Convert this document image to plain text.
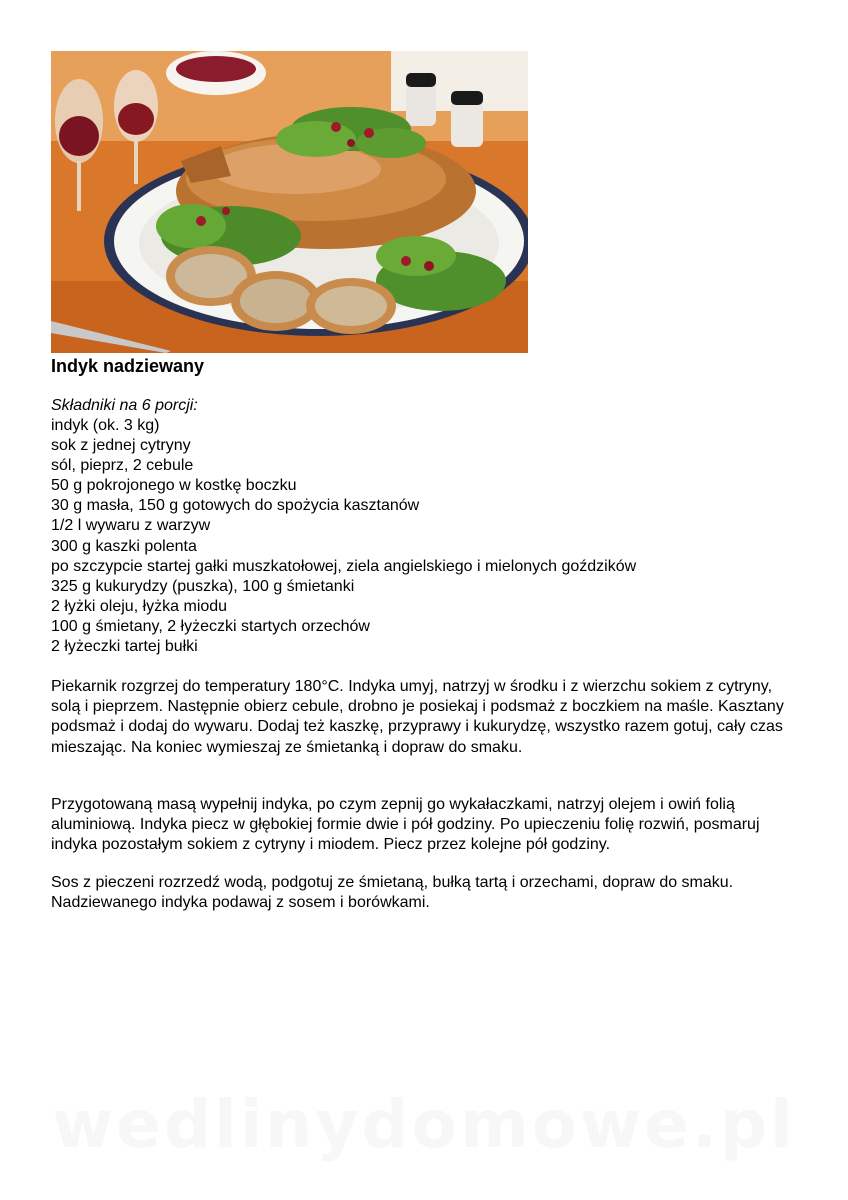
Indyk nadziewany
Składniki na 6 porcji:
indyk (ok. 3 kg)
sok z jednej cytryny
sól, pieprz, 2 cebule
50 g pokrojonego w kostkę boczku
30 g masła, 150 g gotowych do spożycia kasztanów
1/2 l wywaru z warzyw
300 g kaszki polenta
po szczypcie startej gałki muszkatołowej, ziela angielskiego i mielonych goździków
325 g kukurydzy (puszka), 100 g śmietanki
2 łyżki oleju, łyżka miodu
100 g śmietany, 2 łyżeczki startych orzechów
2 łyżeczki tartej bułki

Piekarnik rozgrzej do temperatury 180°C. Indyka umyj, natrzyj w środku i z wierzchu sokiem z cytryny, solą i pieprzem. Następnie obierz cebule, drobno je posiekaj i podsmaż z boczkiem na maśle. Kasztany podsmaż i dodaj do wywaru. Dodaj też kaszkę, przyprawy i kukurydzę, wszystko razem gotuj, cały czas mieszając. Na koniec wymieszaj ze śmietanką i dopraw do smaku.

Przygotowaną masą wypełnij indyka, po czym zepnij go wykałaczkami, natrzyj olejem i owiń folią aluminiową. Indyka piecz w głębokiej formie dwie i pół godziny. Po upieczeniu folię rozwiń, posmaruj indyka pozostałym sokiem z cytryny i miodem. Piecz przez kolejne pół godziny.

Sos z pieczeni rozrzedź wodą, podgotuj ze śmietaną, bułką tartą i orzechami, dopraw do smaku. Nadziewanego indyka podawaj z sosem i borówkami.

wedlinydomowe.pl
